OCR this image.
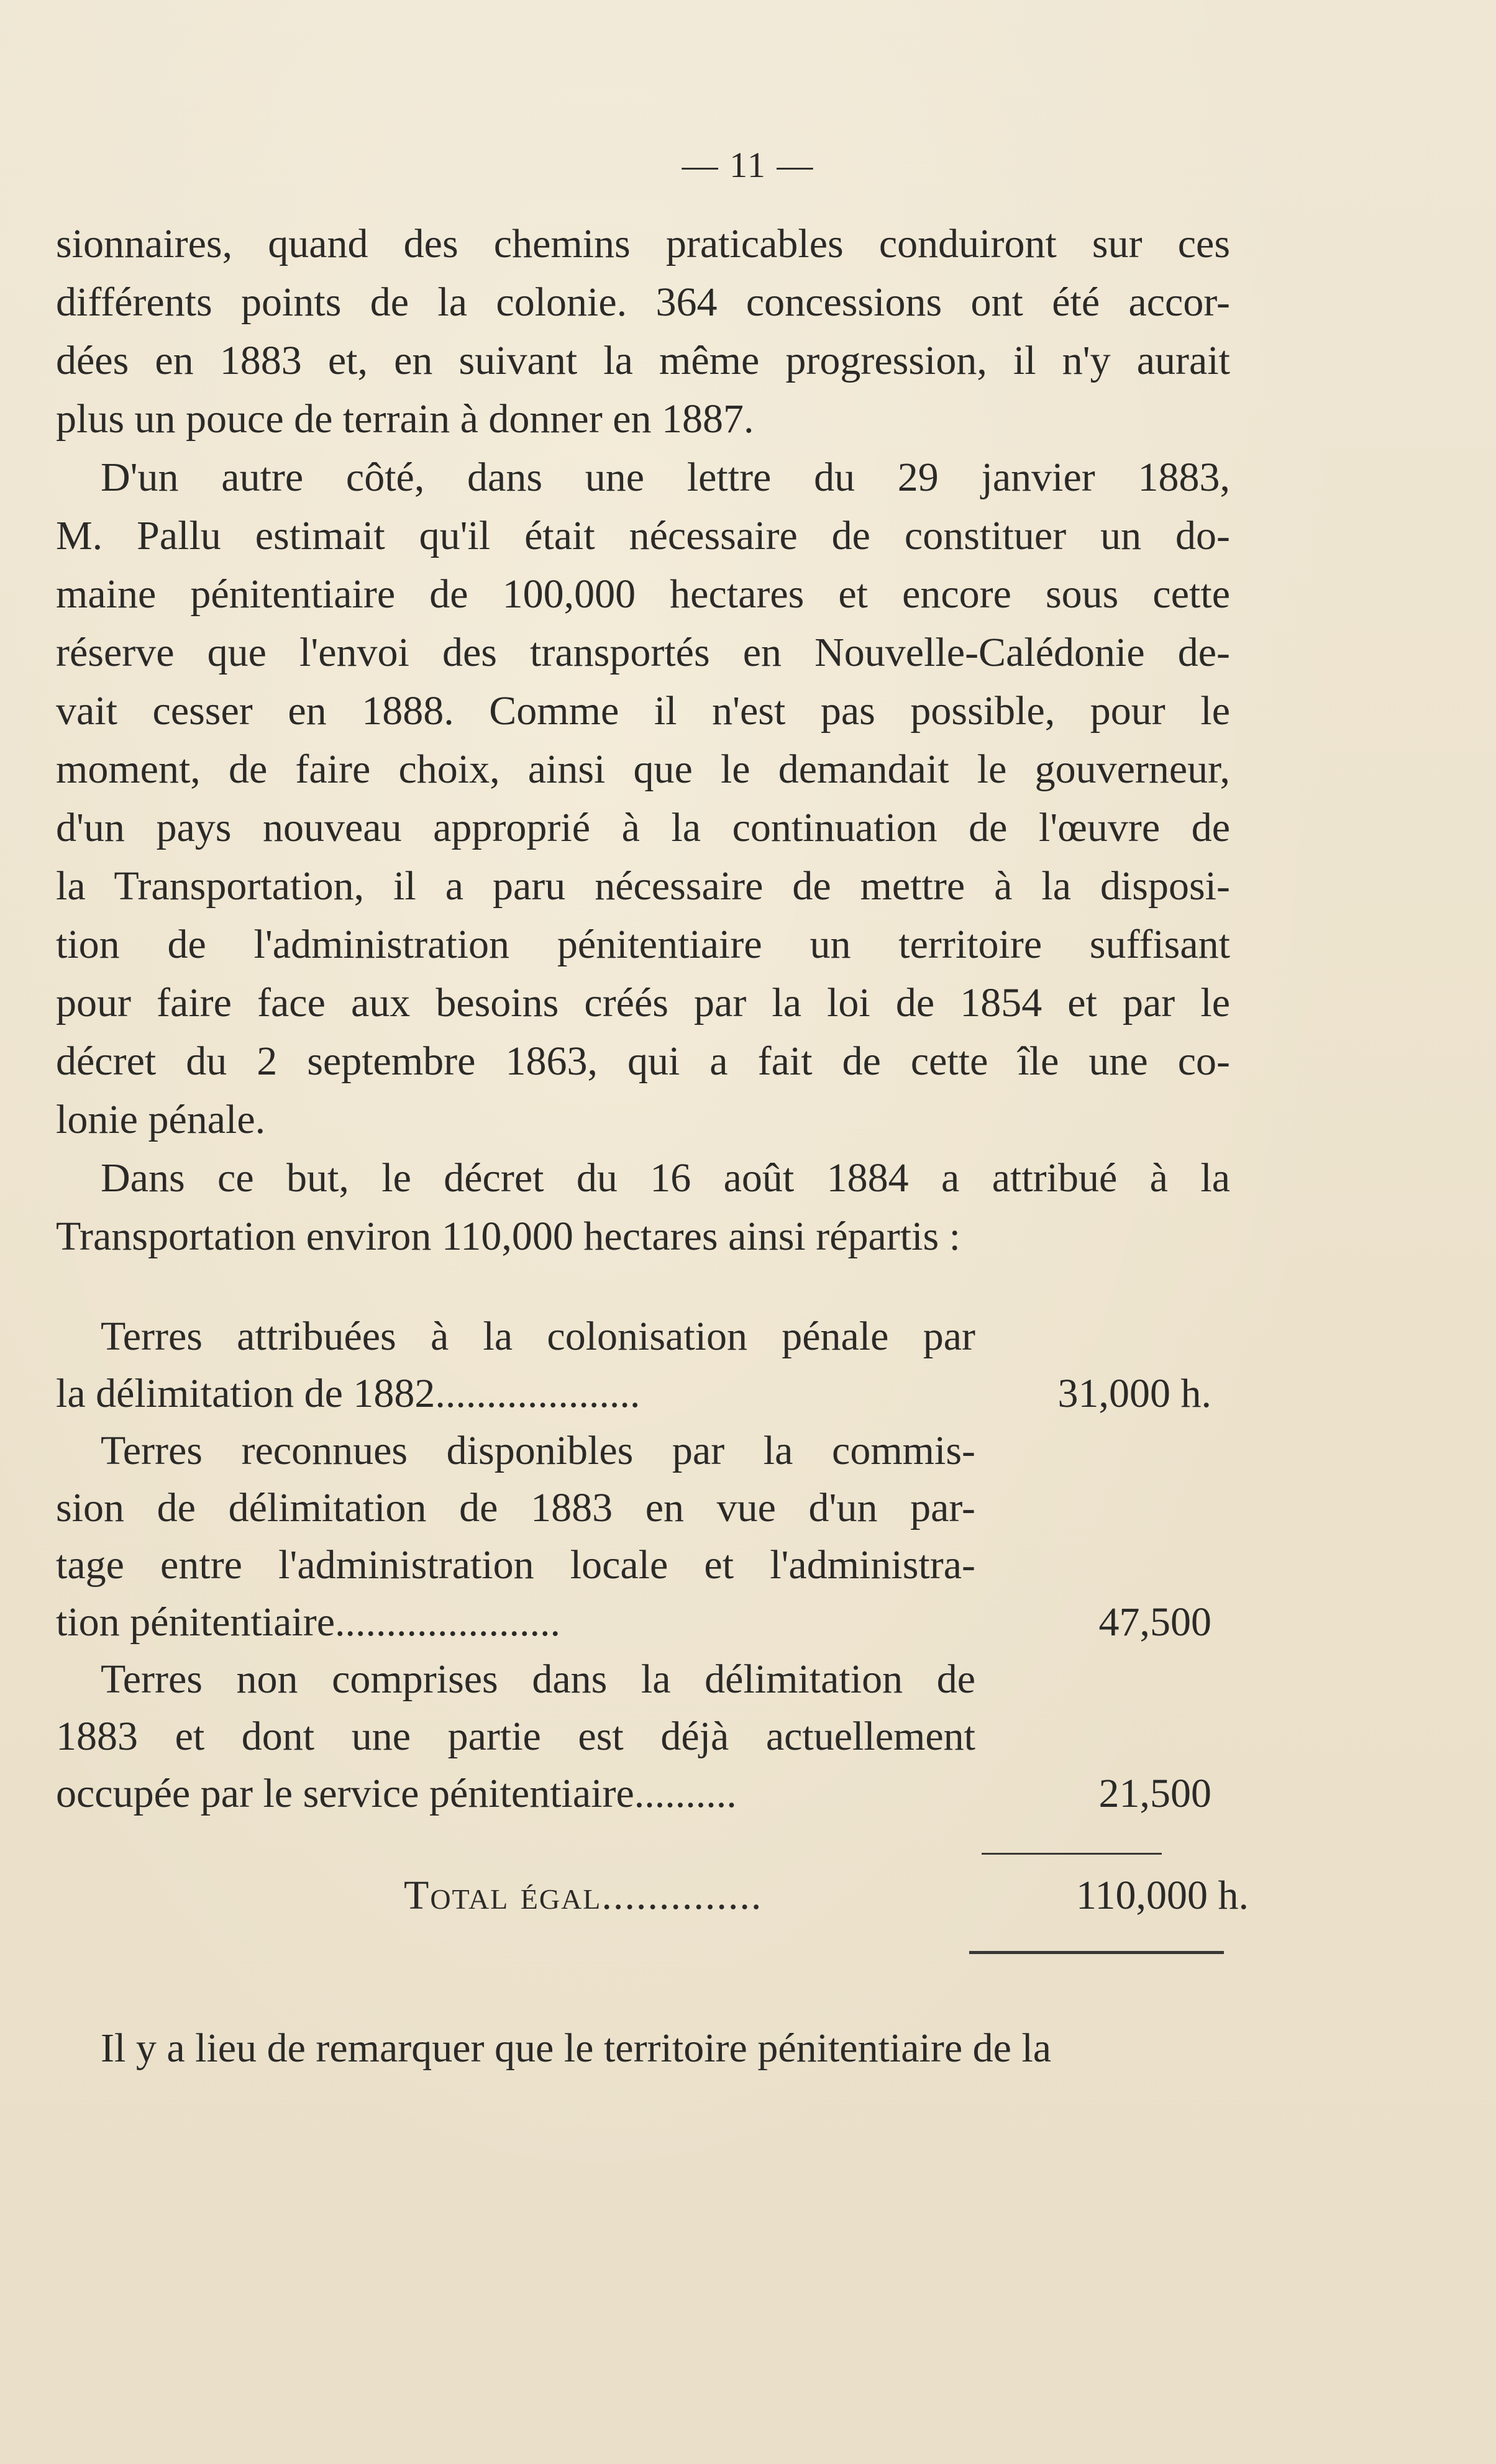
— 11 —
sionnaires, quand des chemins praticables conduiront sur ces
différents points de la colonie. 364 concessions ont été accor-
dées en 1883 et, en suivant la même progression, il n'y aurait
plus un pouce de terrain à donner en 1887.
D'un autre côté, dans une lettre du 29 janvier 1883,
M. Pallu estimait qu'il était nécessaire de constituer un do-
maine pénitentiaire de 100,000 hectares et encore sous cette
réserve que l'envoi des transportés en Nouvelle-Calédonie de-
vait cesser en 1888. Comme il n'est pas possible, pour le
moment, de faire choix, ainsi que le demandait le gouverneur,
d'un pays nouveau approprié à la continuation de l'œuvre de
la Transportation, il a paru nécessaire de mettre à la disposi-
tion de l'administration pénitentiaire un territoire suffisant
pour faire face aux besoins créés par la loi de 1854 et par le
décret du 2 septembre 1863, qui a fait de cette île une co-
lonie pénale.
Dans ce but, le décret du 16 août 1884 a attribué à la
Transportation environ 110,000 hectares ainsi répartis :
Terres attribuées à la colonisation pénale par
la délimitation de 1882....................	31,000 h.
Terres reconnues disponibles par la commis-
sion de délimitation de 1883 en vue d'un par-
tage entre l'administration locale et l'administra-
tion pénitentiaire......................	47,500
Terres non comprises dans la délimitation de
1883 et dont une partie est déjà actuellement
occupée par le service pénitentiaire..........	21,500
Total égal..............	110,000 h.
Il y a lieu de remarquer que le territoire pénitentiaire de la
